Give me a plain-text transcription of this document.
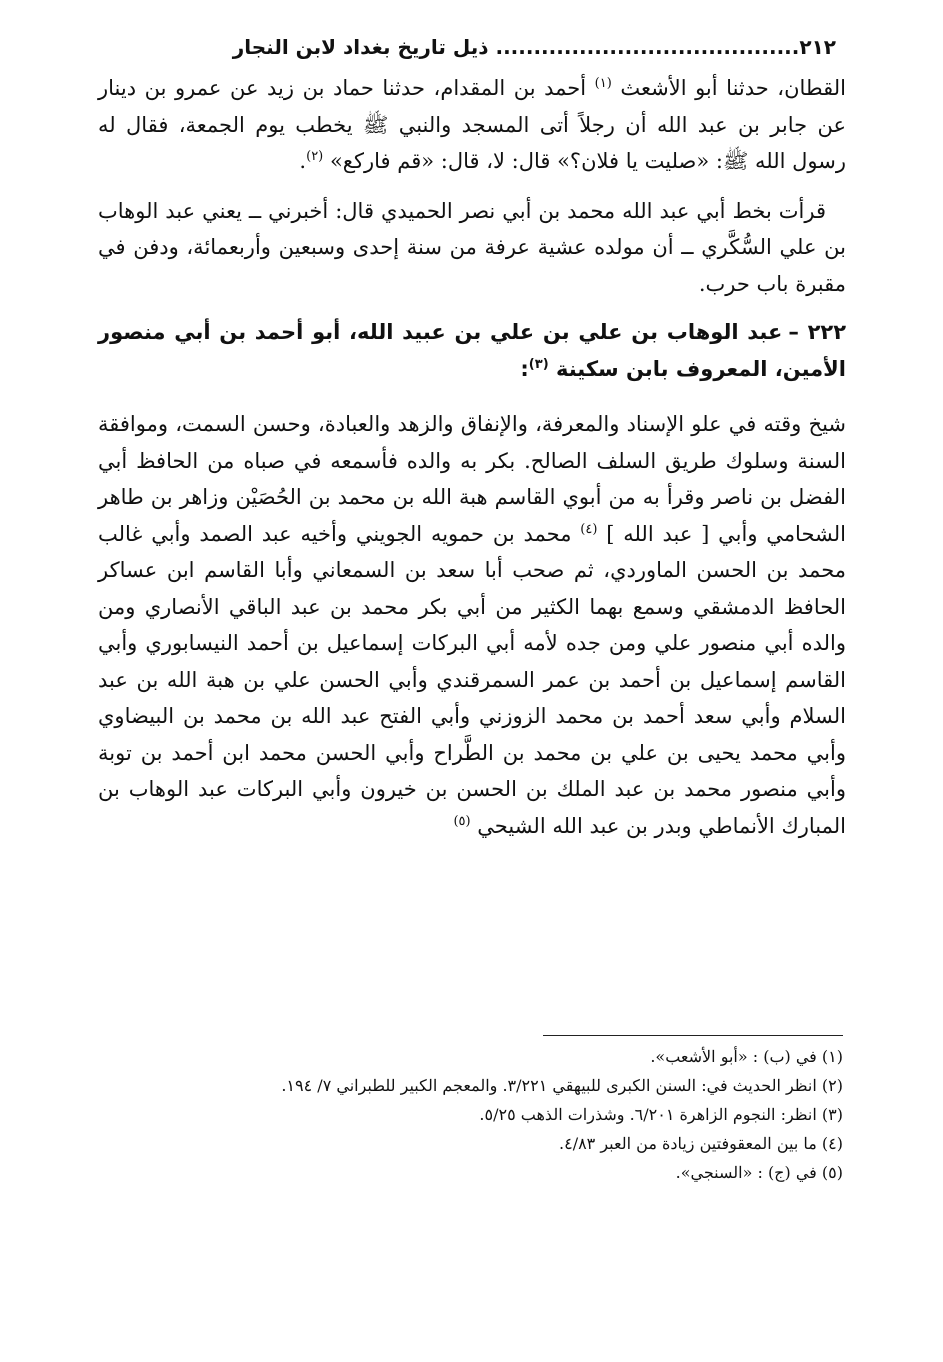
٢١٢
........................................ ذيل تاريخ بغداد لابن النجار

القطان، حدثنا أبو الأشعث $^{(١)}$ أحمد بن المقدام، حدثنا حماد بن زيد عن عمرو بن دينار عن جابر بن عبد الله أن رجلاً أتى المسجد والنبي ﷺ يخطب يوم الجمعة، فقال له رسول الله ﷺ: «صليت يا فلان؟» قال: لا، قال: «قم فاركع» $^{(٢)}$.

قرأت بخط أبي عبد الله محمد بن أبي نصر الحميدي قال: أخبرني ــ يعني عبد الوهاب بن علي السُّكَّري ــ أن مولده عشية عرفة من سنة إحدى وسبعين وأربعمائة، ودفن في مقبرة باب حرب.

٢٢٢ –عبد الوهاب بن علي بن علي بن عبيد الله، أبو أحمد بن أبي منصور الأمين، المعروف بابن سكينة $^{(٣)}$:

شيخ وقته في علو الإسناد والمعرفة، والإنفاق والزهد والعبادة، وحسن السمت، وموافقة السنة وسلوك طريق السلف الصالح. بكر به والده فأسمعه في صباه من الحافظ أبي الفضل بن ناصر وقرأ به من أبوي القاسم هبة الله بن محمد بن الحُصَيْن وزاهر بن طاهر الشحامي وأبي [ عبد الله ] $^{(٤)}$ محمد بن حمويه الجويني وأخيه عبد الصمد وأبي غالب محمد بن الحسن الماوردي، ثم صحب أبا سعد بن السمعاني وأبا القاسم ابن عساكر الحافظ الدمشقي وسمع بهما الكثير من أبي بكر محمد بن عبد الباقي الأنصاري ومن والده أبي منصور علي ومن جده لأمه أبي البركات إسماعيل بن أحمد النيسابوري وأبي القاسم إسماعيل بن أحمد بن عمر السمرقندي وأبي الحسن علي بن هبة الله بن عبد السلام وأبي سعد أحمد بن محمد الزوزني وأبي الفتح عبد الله بن محمد بن البيضاوي وأبي محمد يحيى بن علي بن محمد بن الطَّراح وأبي الحسن محمد ابن أحمد بن توبة وأبي منصور محمد بن عبد الملك بن الحسن بن خيرون وأبي البركات عبد الوهاب بن المبارك الأنماطي وبدر بن عبد الله الشيحي $^{(٥)}$

(١) في (ب) : «أبو الأشعب».
(٢) انظر الحديث في: السنن الكبرى للبيهقي ٣/٢٢١. والمعجم الكبير للطبراني ٧/ ١٩٤.
(٣) انظر: النجوم الزاهرة ٦/٢٠١. وشذرات الذهب ٥/٢٥.
(٤) ما بين المعقوفتين زيادة من العبر ٤/٨٣.
(٥) في (ج) : «السنجي».
